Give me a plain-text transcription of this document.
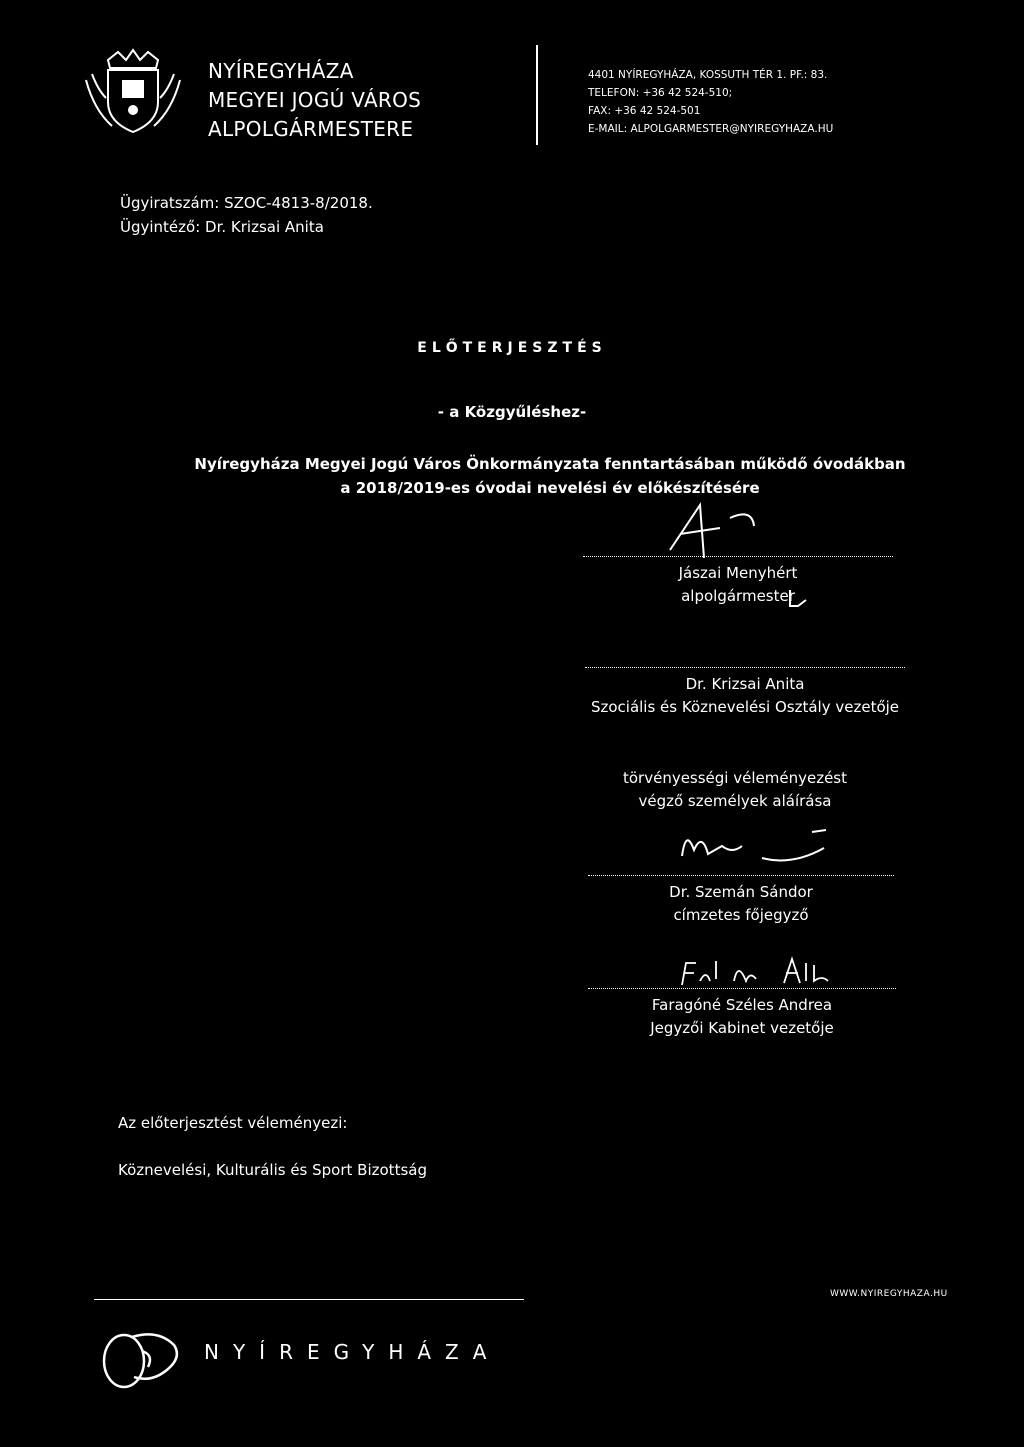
NYÍREGYHÁZA
MEGYEI JOGÚ VÁROS
ALPOLGÁRMESTERE
4401 NYÍREGYHÁZA, KOSSUTH TÉR 1. PF.: 83.
TELEFON: +36 42 524-510;
FAX: +36 42 524-501
E-MAIL: ALPOLGARMESTER@NYIREGYHAZA.HU
Ügyiratszám: SZOC-4813-8/2018.
Ügyintéző: Dr. Krizsai Anita
ELŐTERJESZTÉS
- a Közgyűléshez-
Nyíregyháza Megyei Jogú Város Önkormányzata fenntartásában működő óvodákban
a 2018/2019-es óvodai nevelési év előkészítésére
Jászai Menyhért
alpolgármester
Dr. Krizsai Anita
Szociális és Köznevelési Osztály vezetője
törvényességi véleményezést
végző személyek aláírása
Dr. Szemán Sándor
címzetes főjegyző
Faragóné Széles Andrea
Jegyzői Kabinet vezetője
Az előterjesztést véleményezi:
Köznevelési, Kulturális és Sport Bizottság
WWW.NYIREGYHAZA.HU
NYÍREGYHÁZA
